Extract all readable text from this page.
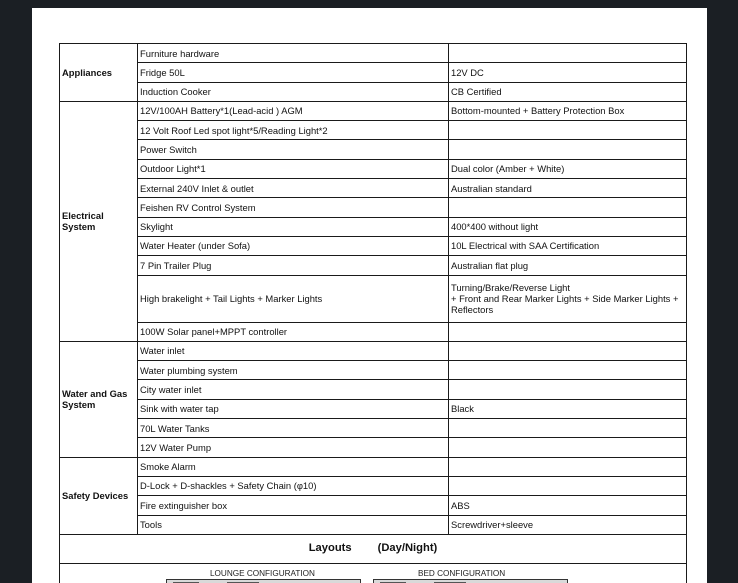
Appliances	Furniture hardware	
	Fridge 50L	12V DC
	Induction Cooker	CB Certified
Electrical System	12V/100AH Battery*1(Lead-acid ) AGM	Bottom-mounted + Battery Protection Box
	12 Volt Roof Led spot light*5/Reading Light*2	
	Power Switch	
	Outdoor Light*1	Dual color (Amber + White)
	External 240V Inlet & outlet	Australian standard
	Feishen RV Control System	
	Skylight	400*400 without light
	Water Heater (under Sofa)	10L Electrical with SAA Certification
	7 Pin Trailer Plug	Australian flat plug
	High brakelight + Tail Lights + Marker Lights	Turning/Brake/Reverse Light
+ Front and Rear Marker Lights + Side Marker Lights +
Reflectors

	100W Solar panel+MPPT controller	
Water and Gas System	Water inlet	
	Water plumbing system	
	City water inlet	
	Sink with water tap	Black
	70L Water Tanks	
	12V Water Pump	
Safety Devices	Smoke Alarm	
	D-Lock + D-shackles + Safety Chain (φ10)	
	Fire extinguisher box	ABS
	Tools	Screwdriver+sleeve
Layouts (Day/Night)		

LOUNGE CONFIGURATION BED CONFIGURATION		
